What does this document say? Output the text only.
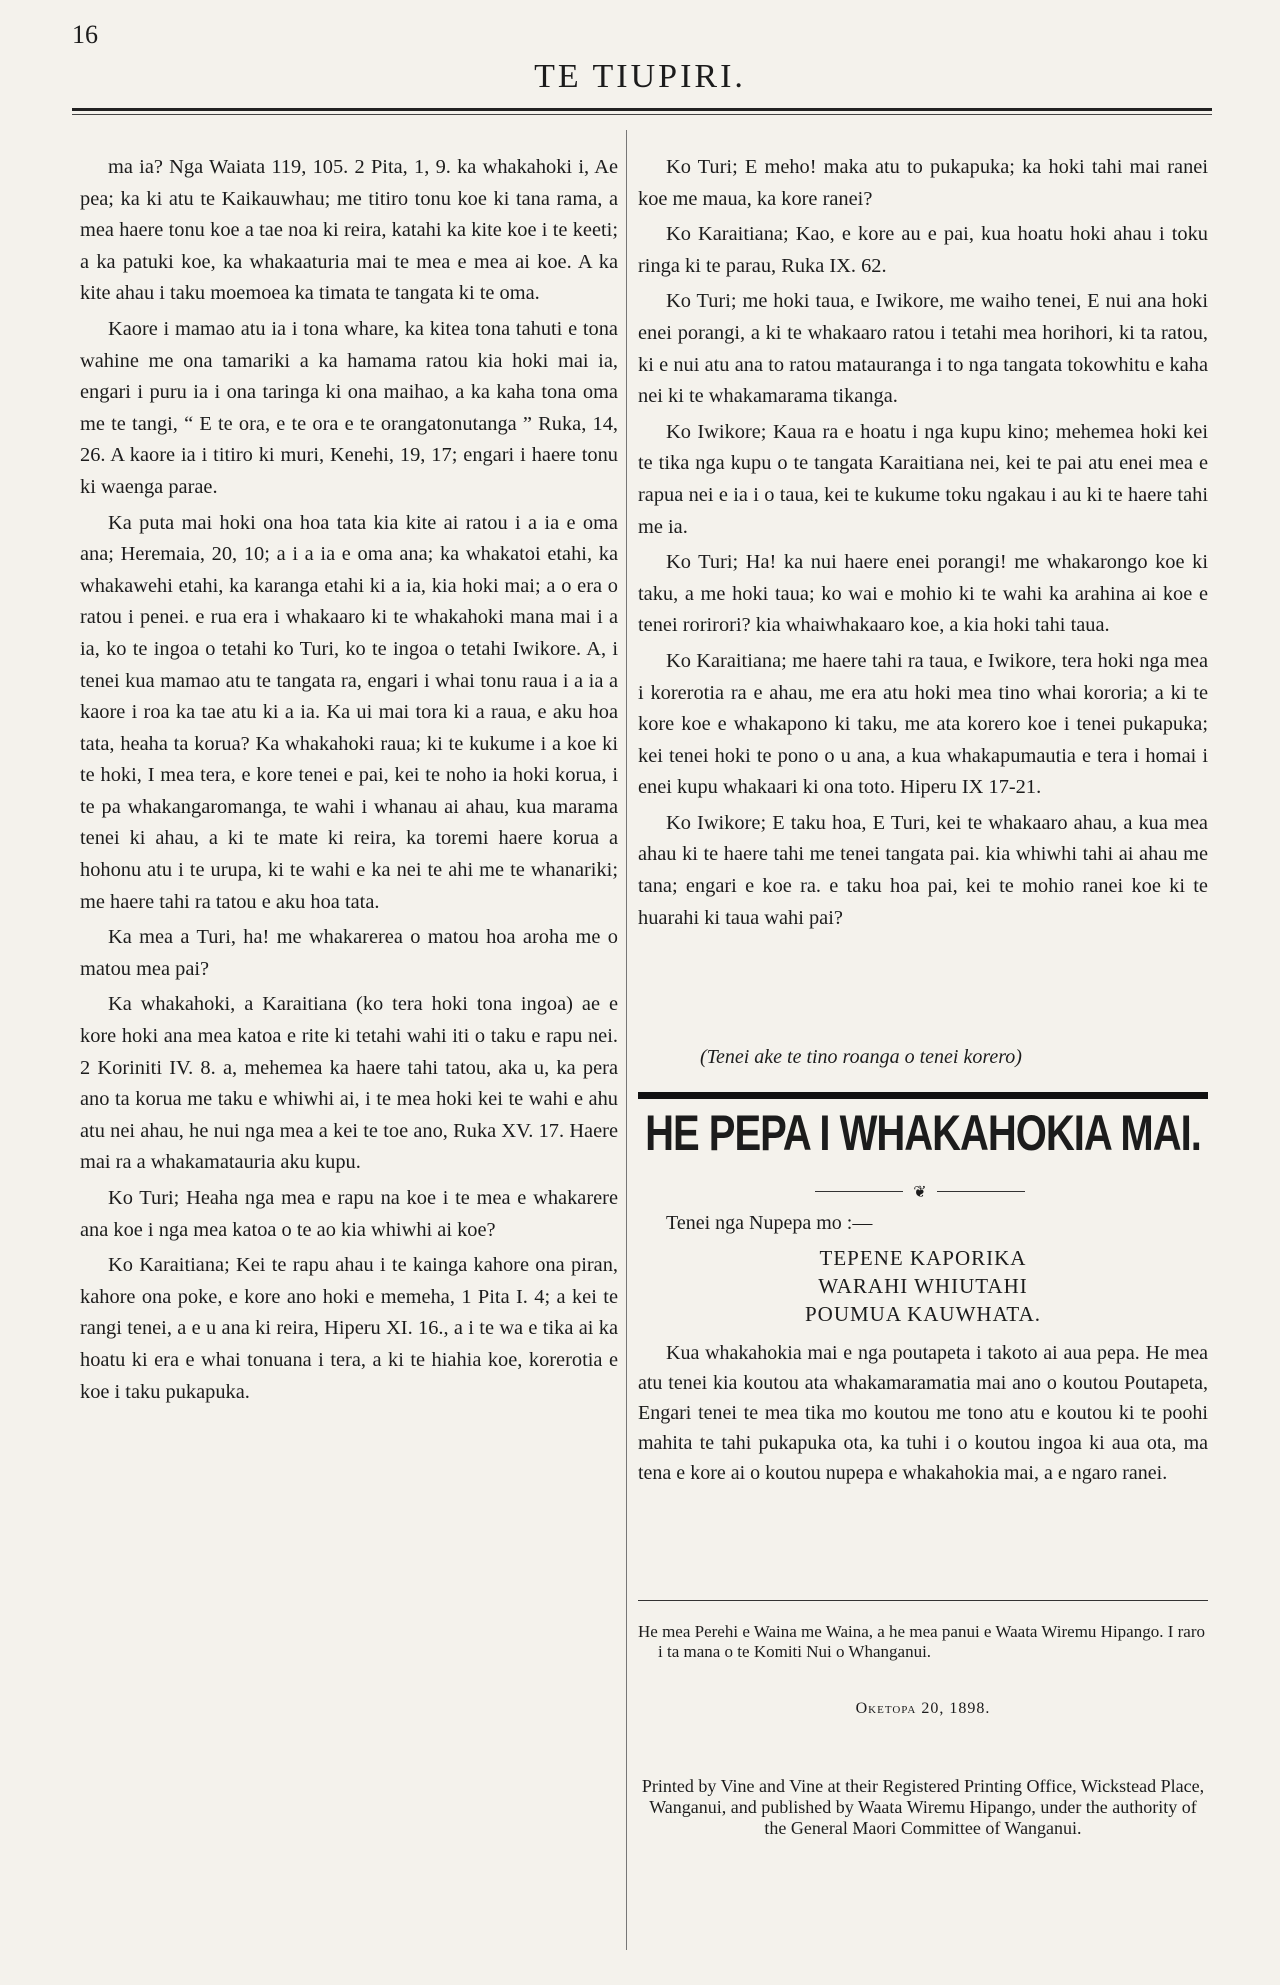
16
TE TIUPIRI.

ma ia? Nga Waiata 119, 105. 2 Pita, 1, 9. ka whakahoki i, Ae pea; ka ki atu te Kaikauwhau; me titiro tonu koe ki tana rama, a mea haere tonu koe a tae noa ki reira, katahi ka kite koe i te keeti; a ka patuki koe, ka whakaaturia mai te mea e mea ai koe. A ka kite ahau i taku moemoea ka timata te tangata ki te oma.

Kaore i mamao atu ia i tona whare, ka kitea tona tahuti e tona wahine me ona tamariki a ka hamama ratou kia hoki mai ia, engari i puru ia i ona taringa ki ona maihao, a ka kaha tona oma me te tangi, “ E te ora, e te ora e te orangatonutanga ” Ruka, 14, 26. A kaore ia i titiro ki muri, Kenehi, 19, 17; engari i haere tonu ki waenga parae.

Ka puta mai hoki ona hoa tata kia kite ai ratou i a ia e oma ana; Heremaia, 20, 10; a i a ia e oma ana; ka whakatoi etahi, ka whakawehi etahi, ka karanga etahi ki a ia, kia hoki mai; a o era o ratou i penei. e rua era i whakaaro ki te whakahoki mana mai i a ia, ko te ingoa o tetahi ko Turi, ko te ingoa o tetahi Iwikore. A, i tenei kua mamao atu te tangata ra, engari i whai tonu raua i a ia a kaore i roa ka tae atu ki a ia. Ka ui mai tora ki a raua, e aku hoa tata, heaha ta korua? Ka whakahoki raua; ki te kukume i a koe ki te hoki, I mea tera, e kore tenei e pai, kei te noho ia hoki korua, i te pa whakangaromanga, te wahi i whanau ai ahau, kua marama tenei ki ahau, a ki te mate ki reira, ka toremi haere korua a hohonu atu i te urupa, ki te wahi e ka nei te ahi me te whanariki; me haere tahi ra tatou e aku hoa tata.

Ka mea a Turi, ha! me whakarerea o matou hoa aroha me o matou mea pai?

Ka whakahoki, a Karaitiana (ko tera hoki tona ingoa) ae e kore hoki ana mea katoa e rite ki tetahi wahi iti o taku e rapu nei. 2 Koriniti IV. 8. a, mehemea ka haere tahi tatou, aka u, ka pera ano ta korua me taku e whiwhi ai, i te mea hoki kei te wahi e ahu atu nei ahau, he nui nga mea a kei te toe ano, Ruka XV. 17. Haere mai ra a whakamatauria aku kupu.

Ko Turi; Heaha nga mea e rapu na koe i te mea e whakarere ana koe i nga mea katoa o te ao kia whiwhi ai koe?

Ko Karaitiana; Kei te rapu ahau i te kainga kahore ona piran, kahore ona poke, e kore ano hoki e memeha, 1 Pita I. 4; a kei te rangi tenei, a e u ana ki reira, Hiperu XI. 16., a i te wa e tika ai ka hoatu ki era e whai tonuana i tera, a ki te hiahia koe, korerotia e koe i taku pukapuka.

Ko Turi; E meho! maka atu to pukapuka; ka hoki tahi mai ranei koe me maua, ka kore ranei?

Ko Karaitiana; Kao, e kore au e pai, kua hoatu hoki ahau i toku ringa ki te parau, Ruka IX. 62.

Ko Turi; me hoki taua, e Iwikore, me waiho tenei, E nui ana hoki enei porangi, a ki te whakaaro ratou i tetahi mea horihori, ki ta ratou, ki e nui atu ana to ratou matauranga i to nga tangata tokowhitu e kaha nei ki te whakamarama tikanga.

Ko Iwikore; Kaua ra e hoatu i nga kupu kino; mehemea hoki kei te tika nga kupu o te tangata Karaitiana nei, kei te pai atu enei mea e rapua nei e ia i o taua, kei te kukume toku ngakau i au ki te haere tahi me ia.

Ko Turi; Ha! ka nui haere enei porangi! me whakarongo koe ki taku, a me hoki taua; ko wai e mohio ki te wahi ka arahina ai koe e tenei rorirori? kia whaiwhakaaro koe, a kia hoki tahi taua.

Ko Karaitiana; me haere tahi ra taua, e Iwikore, tera hoki nga mea i korerotia ra e ahau, me era atu hoki mea tino whai kororia; a ki te kore koe e whakapono ki taku, me ata korero koe i tenei pukapuka; kei tenei hoki te pono o u ana, a kua whakapumautia e tera i homai i enei kupu whakaari ki ona toto. Hiperu IX 17-21.

Ko Iwikore; E taku hoa, E Turi, kei te whakaaro ahau, a kua mea ahau ki te haere tahi me tenei tangata pai. kia whiwhi tahi ai ahau me tana; engari e koe ra. e taku hoa pai, kei te mohio ranei koe ki te huarahi ki taua wahi pai?

(Tenei ake te tino roanga o tenei korero)
HE PEPA I WHAKAHOKIA MAI.
❦
Tenei nga Nupepa mo :—
TEPENE KAPORIKA
WARAHI WHIUTAHI
POUMUA KAUWHATA.

Kua whakahokia mai e nga poutapeta i takoto ai aua pepa. He mea atu tenei kia koutou ata whakamaramatia mai ano o koutou Poutapeta, Engari tenei te mea tika mo koutou me tono atu e koutou ki te poohi mahita te tahi pukapuka ota, ka tuhi i o koutou ingoa ki aua ota, ma tena e kore ai o koutou nupepa e whakahokia mai, a e ngaro ranei.

He mea Perehi e Waina me Waina, a he mea panui e Waata Wiremu Hipango. I raro i ta mana o te Komiti Nui o Whanganui.

Oketopa 20, 1898.
Printed by Vine and Vine at their Registered Printing Office, Wickstead Place, Wanganui, and published by Waata Wiremu Hipango, under the authority of the General Maori Committee of Wanganui.
